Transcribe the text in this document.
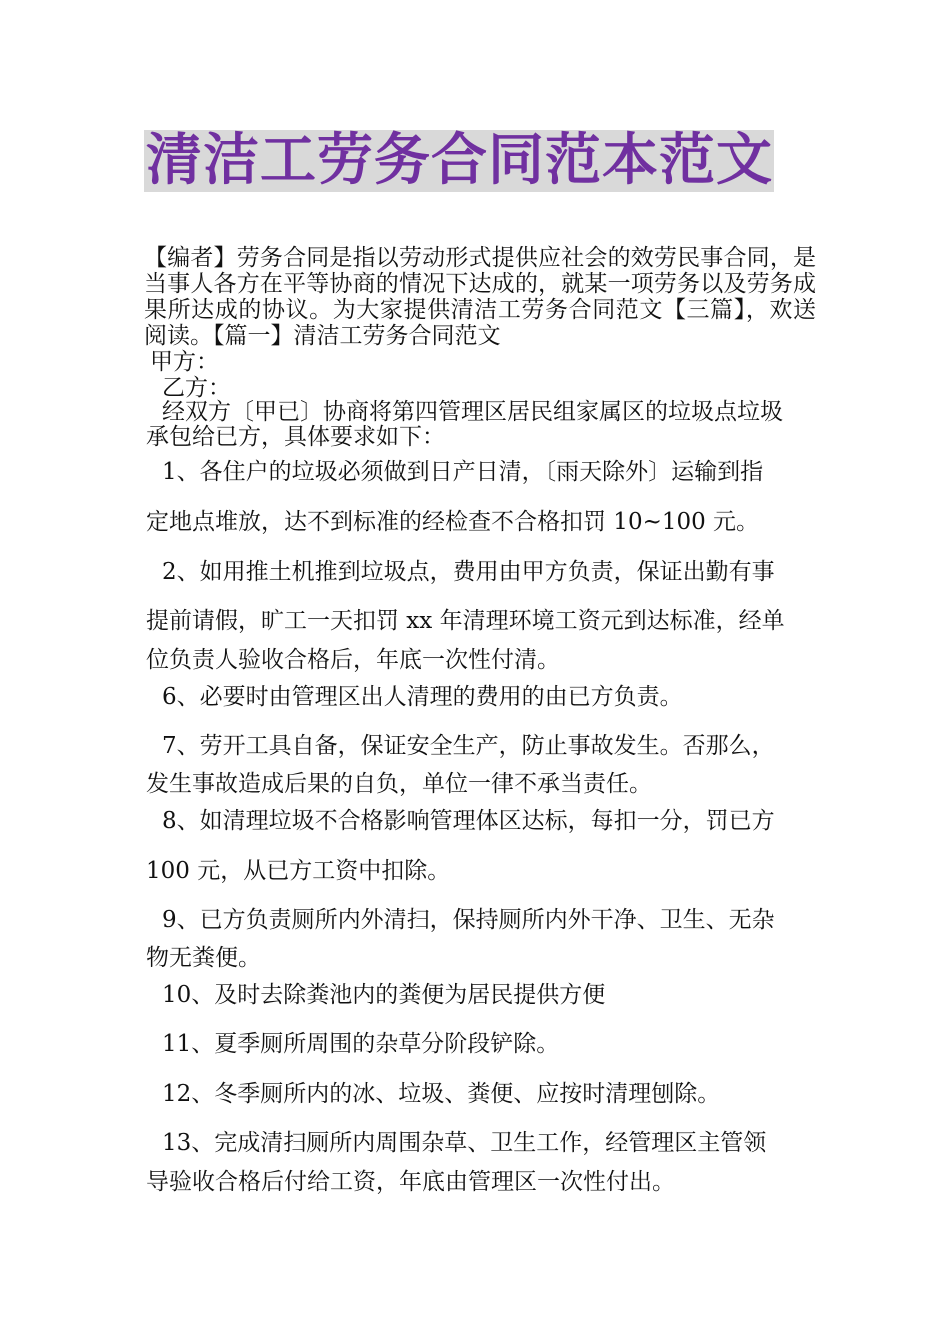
清洁工劳务合同范本范文
【编者】劳务合同是指以劳动形式提供应社会的效劳民事合同，是当事人各方在平等协商的情况下达成的，就某一项劳务以及劳务成果所达成的协议。为大家提供清洁工劳务合同范文【三篇】，欢送阅读。【篇一】清洁工劳务合同范文
甲方：
乙方：
经双方〔甲已〕协商将第四管理区居民组家属区的垃圾点垃圾
承包给已方，具体要求如下：
1、各住户的垃圾必须做到日产日清，〔雨天除外〕运输到指
定地点堆放，达不到标准的经检查不合格扣罚 10~100 元。
2、如用推土机推到垃圾点，费用由甲方负责，保证出勤有事
提前请假，旷工一天扣罚 xx 年清理环境工资元到达标准，经单
位负责人验收合格后，年底一次性付清。
6、必要时由管理区出人清理的费用的由已方负责。
7、劳开工具自备，保证安全生产，防止事故发生。否那么，
发生事故造成后果的自负，单位一律不承当责任。
8、如清理垃圾不合格影响管理体区达标，每扣一分，罚已方
100 元，从已方工资中扣除。
9、已方负责厕所内外清扫，保持厕所内外干净、卫生、无杂
物无粪便。
10、及时去除粪池内的粪便为居民提供方便
11、夏季厕所周围的杂草分阶段铲除。
12、冬季厕所内的冰、垃圾、粪便、应按时清理刨除。
13、完成清扫厕所内周围杂草、卫生工作，经管理区主管领
导验收合格后付给工资，年底由管理区一次性付出。
